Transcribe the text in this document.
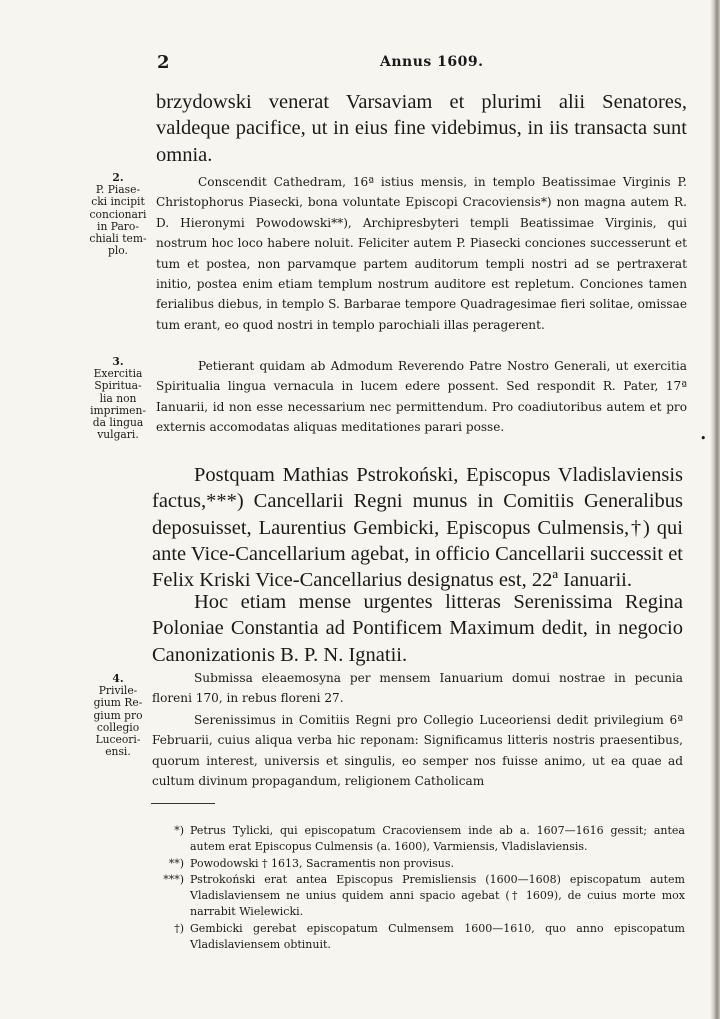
2	Annus 1609.

brzydowski venerat Varsaviam et plurimi alii Senatores, valdeque pacifice, ut in eius fine videbimus, in iis transacta sunt omnia.

2.
P. Piase-
cki incipit
concionari
in Paro-
chiali tem-
plo.

Conscendit Cathedram, 16ª istius mensis, in templo Beatissimae Virginis P. Christophorus Piasecki, bona voluntate Episcopi Cracoviensis*) non magna autem R. D. Hieronymi Powodowski**), Archipresbyteri templi Beatissimae Virginis, qui nostrum hoc loco habere noluit. Feliciter autem P. Piasecki conciones successerunt et tum et postea, non parvamque partem auditorum templi nostri ad se pertraxerat initio, postea enim etiam templum nostrum auditore est repletum. Conciones tamen ferialibus diebus, in templo S. Barbarae tempore Quadragesimae fieri solitae, omissae tum erant, eo quod nostri in templo parochiali illas peragerent.

3.
Exercitia
Spiritua-
lia non
imprimen-
da lingua
vulgari.

Petierant quidam ab Admodum Reverendo Patre Nostro Generali, ut exercitia Spiritualia lingua vernacula in lucem edere possent. Sed respondit R. Pater, 17ª Ianuarii, id non esse necessarium nec permittendum. Pro coadiutoribus autem et pro externis accomodatas aliquas meditationes parari posse.

•

Postquam Mathias Pstrokoński, Episcopus Vladislaviensis factus,***) Cancellarii Regni munus in Comitiis Generalibus deposuisset, Laurentius Gembicki, Episcopus Culmensis,†) qui ante Vice-Cancellarium agebat, in officio Cancellarii successit et Felix Kriski Vice-Cancellarius designatus est, 22ª Ianuarii.

Hoc etiam mense urgentes litteras Serenissima Regina Poloniae Constantia ad Pontificem Maximum dedit, in negocio Canonizationis B. P. N. Ignatii.

4.
Privile-
gium Re-
gium pro
collegio
Luceori-
ensi.

Submissa eleaemosyna per mensem Ianuarium domui nostrae in pecunia floreni 170, in rebus floreni 27.

Serenissimus in Comitiis Regni pro Collegio Luceoriensi dedit privilegium 6ª Februarii, cuius aliqua verba hic reponam: Significamus litteris nostris praesentibus, quorum interest, universis et singulis, eo semper nos fuisse animo, ut ea quae ad cultum divinum propagandum, religionem Catholicam

*) Petrus Tylicki, qui episcopatum Cracoviensem inde ab a. 1607—1616 gessit; antea autem erat Episcopus Culmensis (a. 1600), Varmiensis, Vladislaviensis.
**) Powodowski † 1613, Sacramentis non provisus.
***) Pstrokoński erat antea Episcopus Premisliensis (1600—1608) episcopatum autem Vladislaviensem ne unius quidem anni spacio agebat († 1609), de cuius morte mox narrabit Wielewicki.
†) Gembicki gerebat episcopatum Culmensem 1600—1610, quo anno episcopatum Vladislaviensem obtinuit.
